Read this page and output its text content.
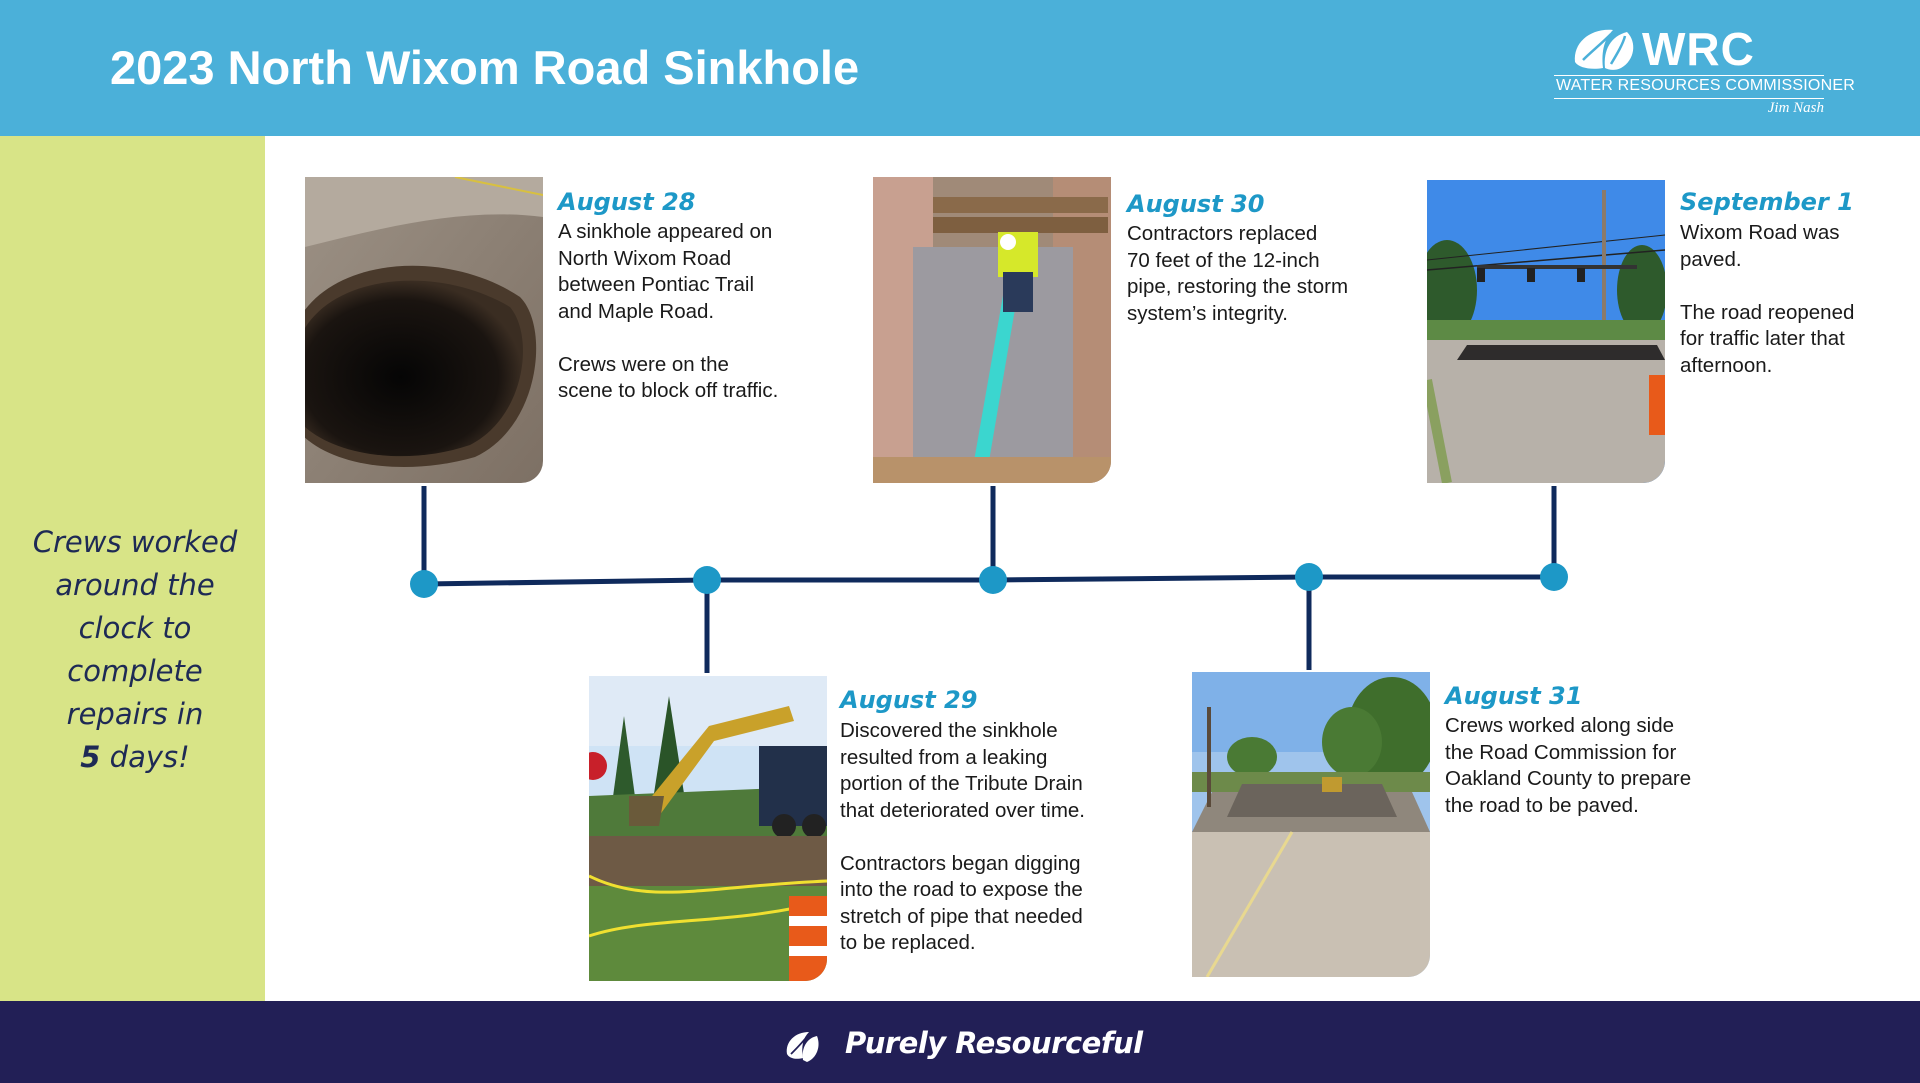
2023 North Wixom Road Sinkhole	WRC
WATER RESOURCES COMMISSIONER
Jim Nash
Crews worked
around the
clock to
complete
repairs in
5 days!
August 28
A sinkhole appeared on
North Wixom Road
between Pontiac Trail
and Maple Road.

Crews were on the
scene to block off traffic.
August 29
Discovered the sinkhole
resulted from a leaking
portion of the Tribute Drain
that deteriorated over time.

Contractors began digging
into the road to expose the
stretch of pipe that needed
to be replaced.
August 30
Contractors replaced
70 feet of the 12-inch
pipe, restoring the storm
system’s integrity.
August 31
Crews worked along side
the Road Commission for
Oakland County to prepare
the road to be paved.
September 1
Wixom Road was
paved.

The road reopened
for traffic later that
afternoon.
Purely Resourceful
